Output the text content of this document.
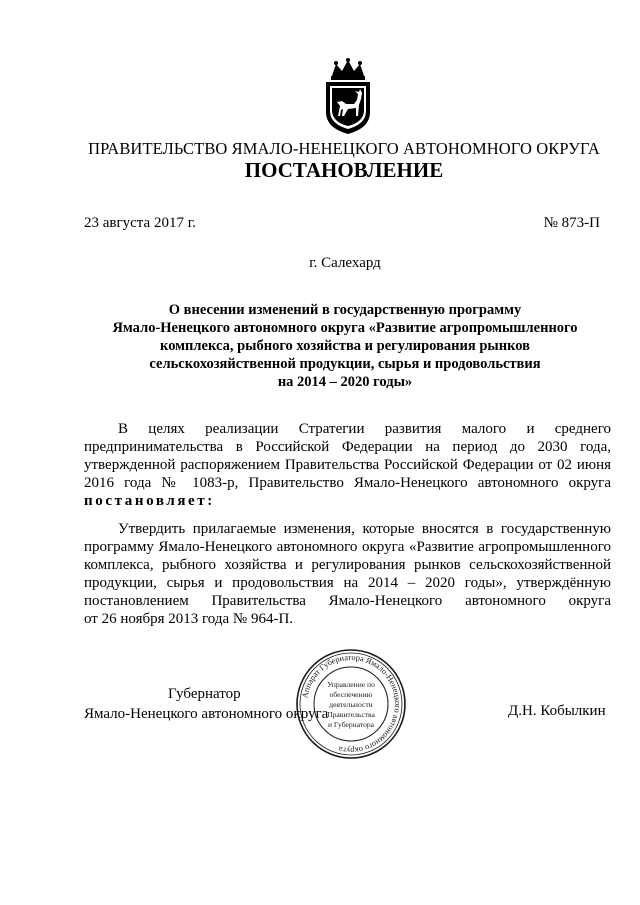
ПРАВИТЕЛЬСТВО ЯМАЛО-НЕНЕЦКОГО АВТОНОМНОГО ОКРУГА
ПОСТАНОВЛЕНИЕ
23 августа 2017 г.	№ 873-П
г. Салехард
О внесении изменений в государственную программу
Ямало-Ненецкого автономного округа «Развитие агропромышленного
комплекса, рыбного хозяйства и регулирования рынков
сельскохозяйственной продукции, сырья и продовольствия
на 2014 – 2020 годы»
В целях реализации Стратегии развития малого и среднего
предпринимательства в Российской Федерации на период до 2030 года,
утвержденной распоряжением Правительства Российской Федерации от 02 июня
2016 года № 1083-р, Правительство Ямало-Ненецкого автономного округа
постановляет:
Утвердить прилагаемые изменения, которые вносятся в государственную
программу Ямало-Ненецкого автономного округа «Развитие агропромышленного
комплекса, рыбного хозяйства и регулирования рынков сельскохозяйственной
продукции, сырья и продовольствия на 2014 – 2020 годы», утверждённую
постановлением Правительства Ямало-Ненецкого автономного округа
от 26 ноября 2013 года № 964-П.
Губернатор
Ямало-Ненецкого автономного округа	Д.Н. Кобылкин
Аппарат Губернатора Ямало-Ненецкого автономного округа
Управление по
обеспечению
деятельности
Правительства
и Губернатора
